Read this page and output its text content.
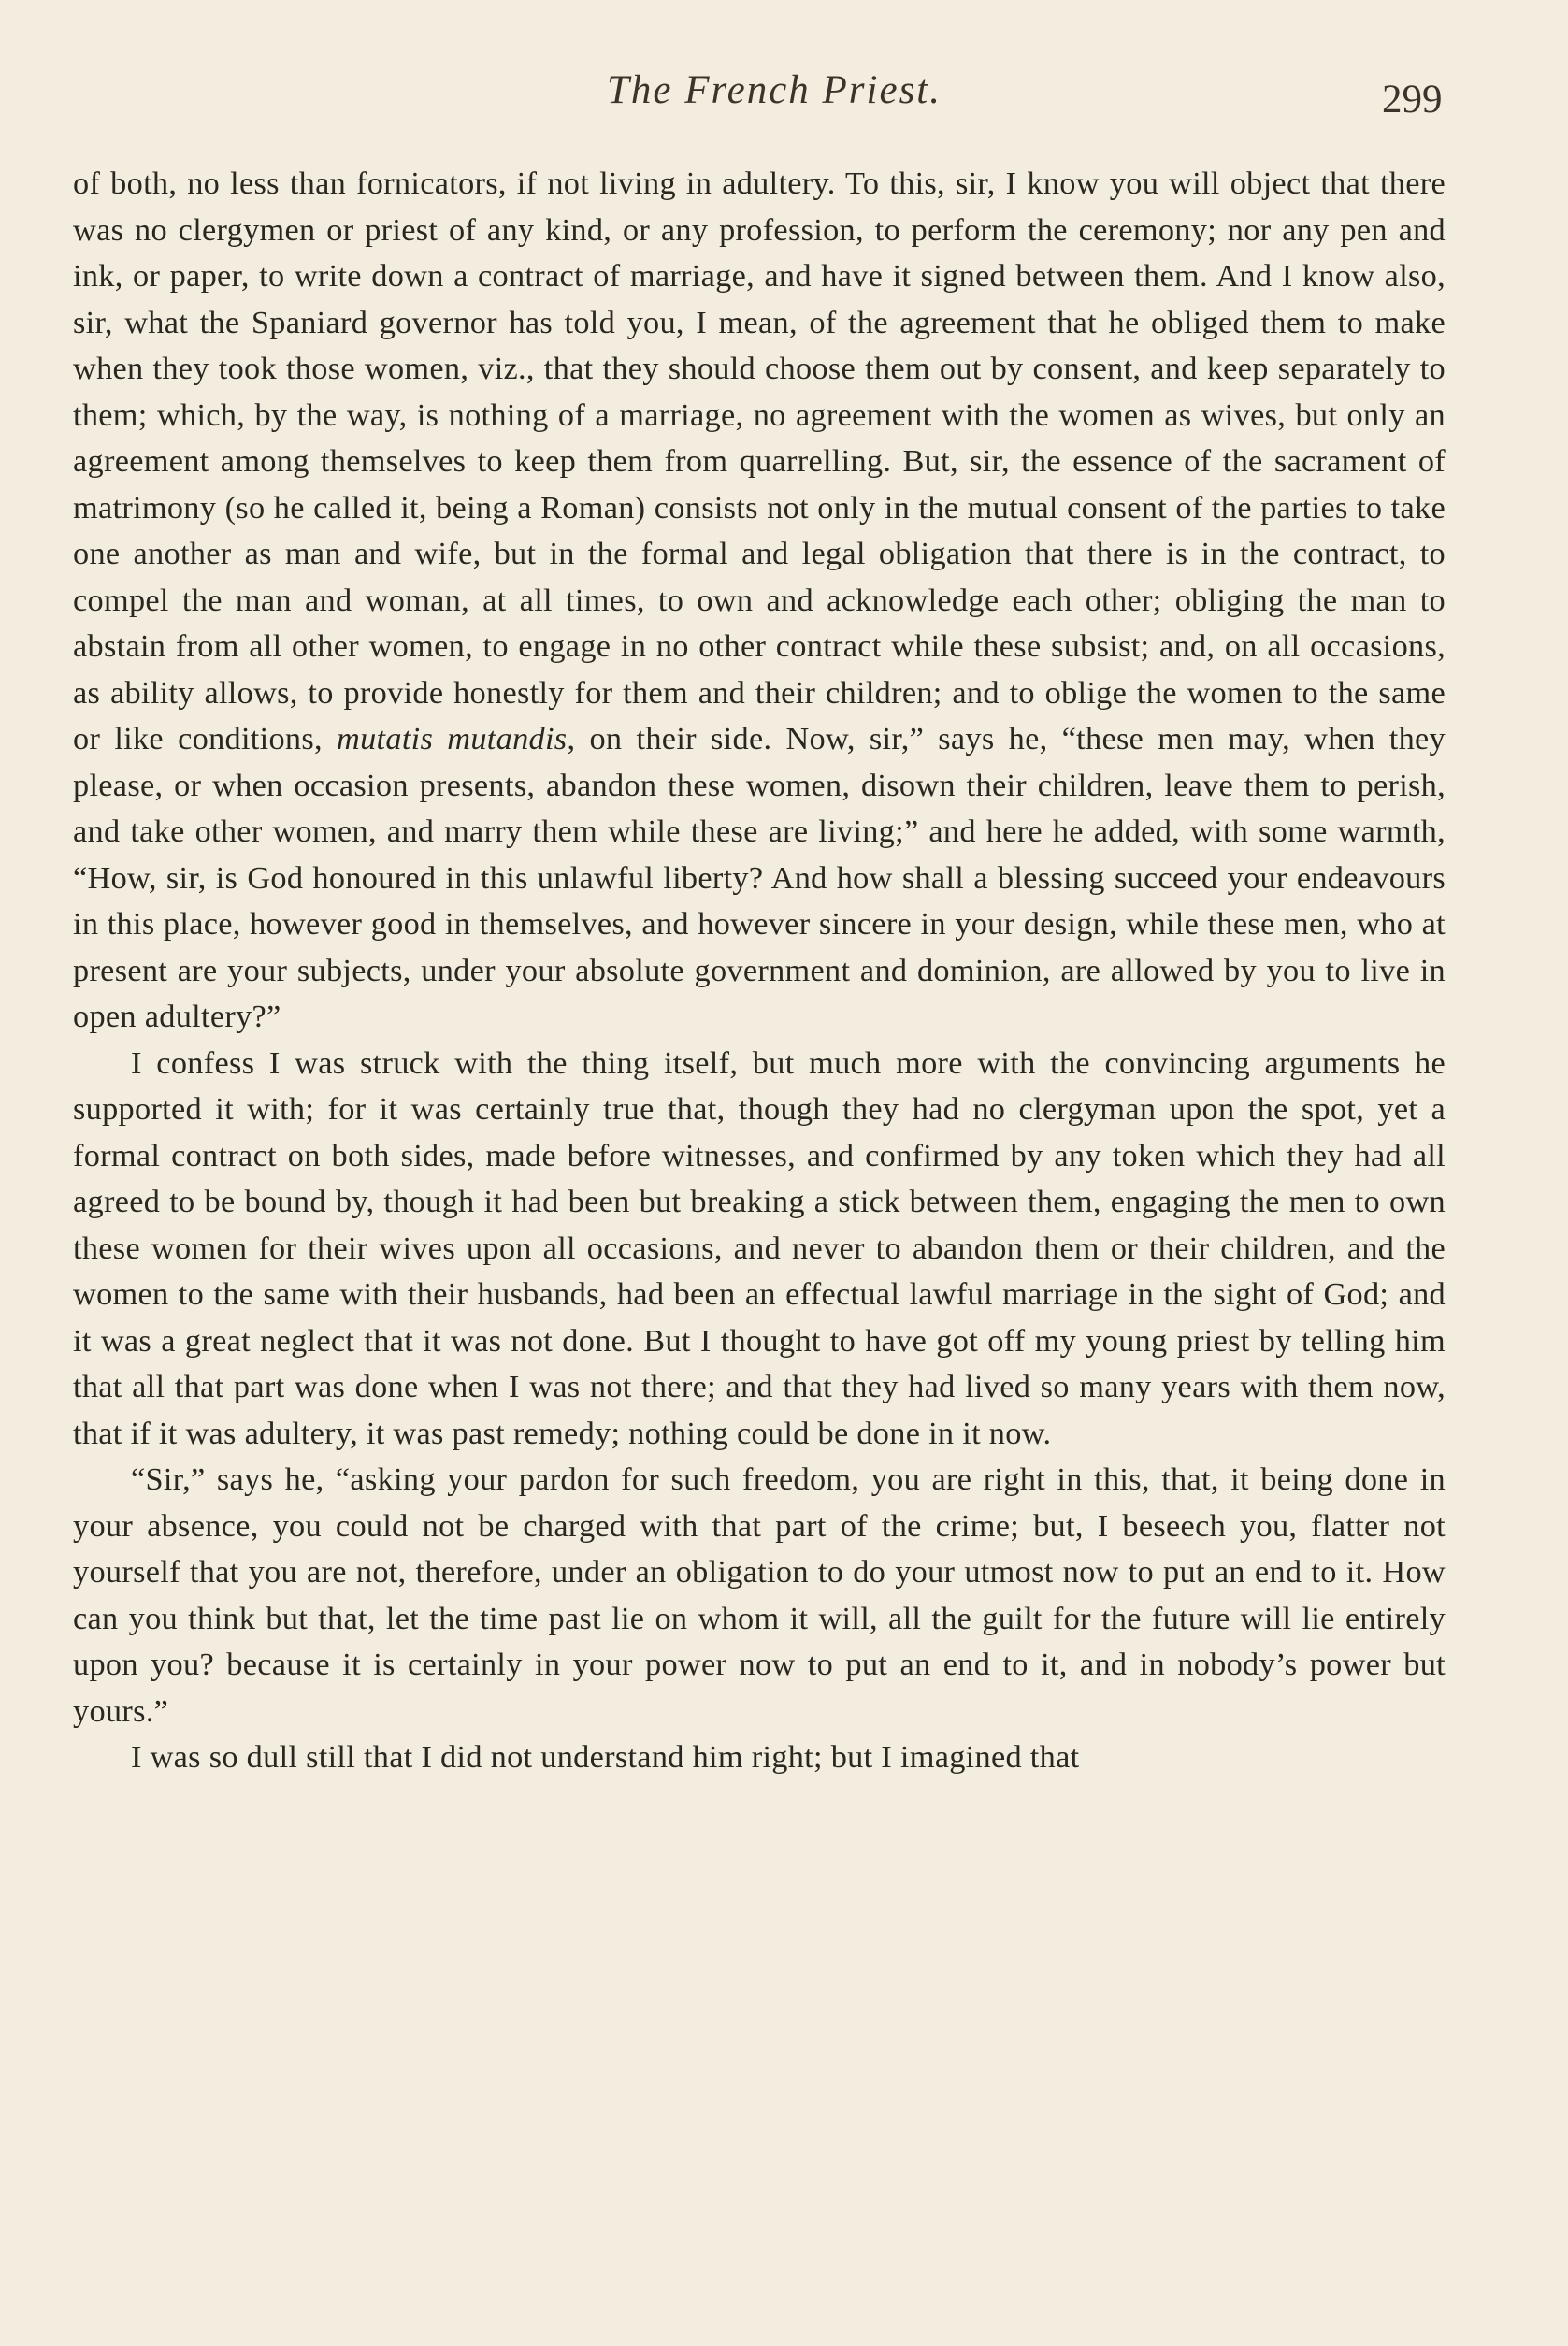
The French Priest.	299

of both, no less than fornicators, if not living in adultery. To this, sir, I know you will object that there was no clergymen or priest of any kind, or any profession, to perform the ceremony; nor any pen and ink, or paper, to write down a contract of marriage, and have it signed between them. And I know also, sir, what the Spaniard governor has told you, I mean, of the agreement that he obliged them to make when they took those women, viz., that they should choose them out by consent, and keep separately to them; which, by the way, is nothing of a marriage, no agreement with the women as wives, but only an agreement among themselves to keep them from quarrelling. But, sir, the essence of the sacrament of matrimony (so he called it, being a Roman) consists not only in the mutual consent of the parties to take one another as man and wife, but in the formal and legal obligation that there is in the contract, to compel the man and woman, at all times, to own and acknowledge each other; obliging the man to abstain from all other women, to engage in no other contract while these subsist; and, on all occasions, as ability allows, to provide honestly for them and their children; and to oblige the women to the same or like conditions, mutatis mutandis, on their side. Now, sir,” says he, “these men may, when they please, or when occasion presents, abandon these women, disown their children, leave them to perish, and take other women, and marry them while these are living;” and here he added, with some warmth, “How, sir, is God honoured in this unlawful liberty? And how shall a blessing succeed your endeavours in this place, however good in themselves, and however sincere in your design, while these men, who at present are your subjects, under your absolute government and dominion, are allowed by you to live in open adultery?”

I confess I was struck with the thing itself, but much more with the convincing arguments he supported it with; for it was certainly true that, though they had no clergyman upon the spot, yet a formal contract on both sides, made before witnesses, and confirmed by any token which they had all agreed to be bound by, though it had been but breaking a stick between them, engaging the men to own these women for their wives upon all occasions, and never to abandon them or their children, and the women to the same with their husbands, had been an effectual lawful marriage in the sight of God; and it was a great neglect that it was not done. But I thought to have got off my young priest by telling him that all that part was done when I was not there; and that they had lived so many years with them now, that if it was adultery, it was past remedy; nothing could be done in it now.

“Sir,” says he, “asking your pardon for such freedom, you are right in this, that, it being done in your absence, you could not be charged with that part of the crime; but, I beseech you, flatter not yourself that you are not, therefore, under an obligation to do your utmost now to put an end to it. How can you think but that, let the time past lie on whom it will, all the guilt for the future will lie entirely upon you? because it is certainly in your power now to put an end to it, and in nobody’s power but yours.”

I was so dull still that I did not understand him right; but I imagined that
